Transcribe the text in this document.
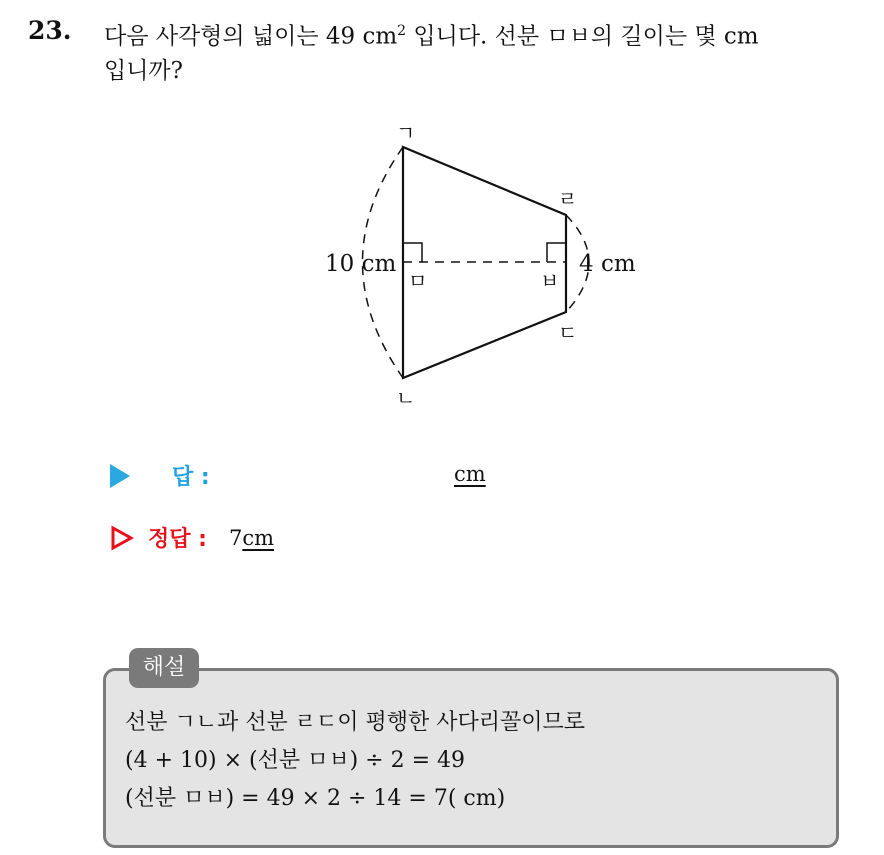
23. 다음 사각형의 넓이는 49 $cm^2$ 입니다. 선분 ㅁㅂ의 길이는 몇 cm
입니까?
ㄱ
ㄴ
ㄷ
ㄹ
ㅁ	ㅂ
10 cm	4 cm
답 :	cm
정답 : 7 cm
해설
선분 ㄱㄴ과 선분 ㄹㄷ이 평행한 사다리꼴이므로
(4 + 10) × (선분 ㅁㅂ) ÷ 2 = 49
(선분 ㅁㅂ) = 49 × 2 ÷ 14 = 7( cm)
